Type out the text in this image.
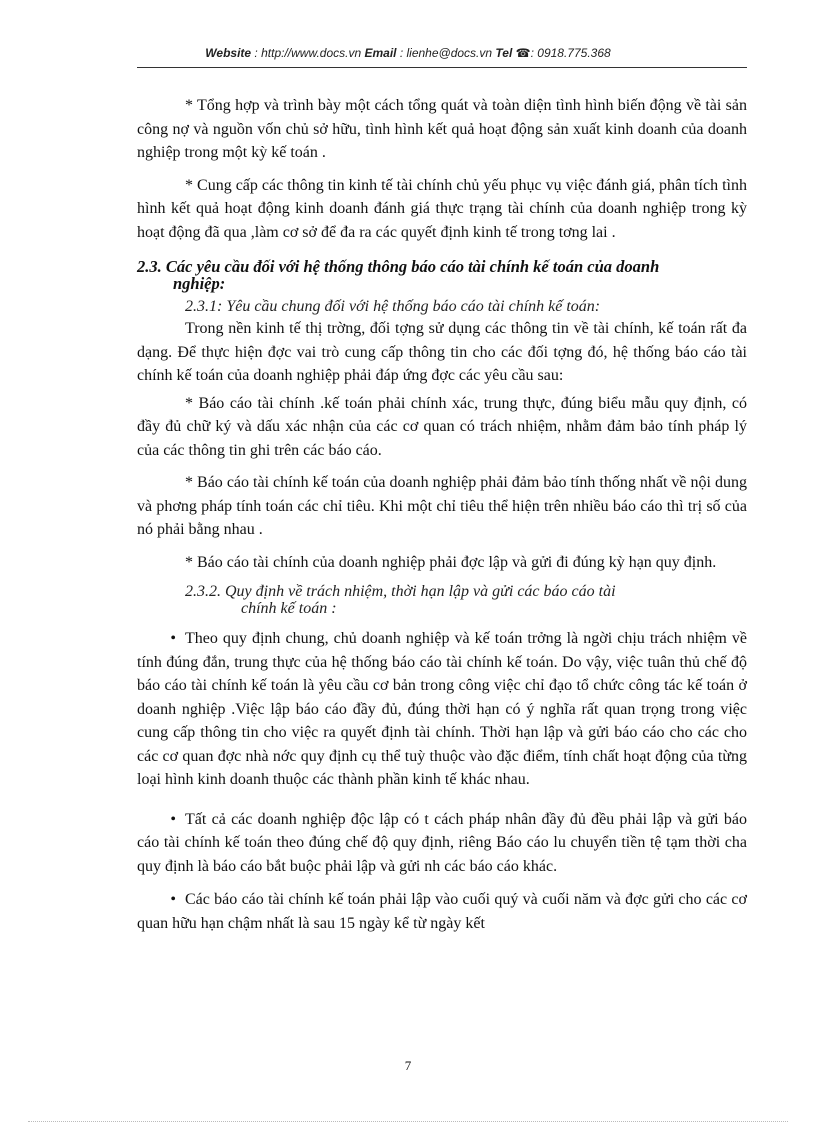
Website : http://www.docs.vn Email : lienhe@docs.vn Tel ☎: 0918.775.368

* Tổng hợp và trình bày một cách tổng quát và toàn diện tình hình biến động về tài sản công nợ và nguồn vốn chủ sở hữu, tình hình kết quả hoạt động sản xuất kinh doanh của doanh nghiệp trong một kỳ kế toán .

* Cung cấp các thông tin kinh tế tài chính chủ yếu phục vụ việc đánh giá, phân tích tình hình kết quả hoạt động kinh doanh đánh giá thực trạng tài chính của doanh nghiệp trong kỳ hoạt động đã qua ,làm cơ sở để đa ra các quyết định kinh tế trong tơng lai .

2.3. Các yêu cầu đối với hệ thống thông báo cáo tài chính kế toán của doanh
nghiệp:
2.3.1: Yêu cầu chung đối với hệ thống báo cáo tài chính kế toán:

Trong nền kinh tế thị trờng, đối tợng sử dụng các thông tin về tài chính, kế toán rất đa dạng. Để thực hiện đợc vai trò cung cấp thông tin cho các đối tợng đó, hệ thống báo cáo tài chính kế toán của doanh nghiệp phải đáp ứng đợc các yêu cầu sau:

* Báo cáo tài chính .kế toán phải chính xác, trung thực, đúng biểu mẫu quy định, có đầy đủ chữ ký và dấu xác nhận của các cơ quan có trách nhiệm, nhằm đảm bảo tính pháp lý của các thông tin ghi trên các báo cáo.

* Báo cáo tài chính kế toán của doanh nghiệp phải đảm bảo tính thống nhất về nội dung và phơng pháp tính toán các chỉ tiêu. Khi một chỉ tiêu thể hiện trên nhiều báo cáo thì trị số của nó phải bằng nhau .

* Báo cáo tài chính của doanh nghiệp phải đợc lập và gửi đi đúng kỳ hạn quy định.

2.3.2. Quy định về trách nhiệm, thời hạn lập và gửi các báo cáo tài
chính kế toán :

• Theo quy định chung, chủ doanh nghiệp và kế toán trởng là ngời chịu trách nhiệm về tính đúng đắn, trung thực của hệ thống báo cáo tài chính kế toán. Do vậy, việc tuân thủ chế độ báo cáo tài chính kế toán là yêu cầu cơ bản trong công việc chỉ đạo tổ chức công tác kế toán ở doanh nghiệp .Việc lập báo cáo đầy đủ, đúng thời hạn có ý nghĩa rất quan trọng trong việc cung cấp thông tin cho việc ra quyết định tài chính. Thời hạn lập và gửi báo cáo cho các cho các cơ quan đợc nhà nớc quy định cụ thể tuỳ thuộc vào đặc điểm, tính chất hoạt động của từng loại hình kinh doanh thuộc các thành phần kinh tế khác nhau.

• Tất cả các doanh nghiệp độc lập có t cách pháp nhân đầy đủ đều phải lập và gửi báo cáo tài chính kế toán theo đúng chế độ quy định, riêng Báo cáo lu chuyển tiền tệ tạm thời cha quy định là báo cáo bắt buộc phải lập và gửi nh các báo cáo khác.

• Các báo cáo tài chính kế toán phải lập vào cuối quý và cuối năm và đợc gửi cho các cơ quan hữu hạn chậm nhất là sau 15 ngày kể từ ngày kết

7
